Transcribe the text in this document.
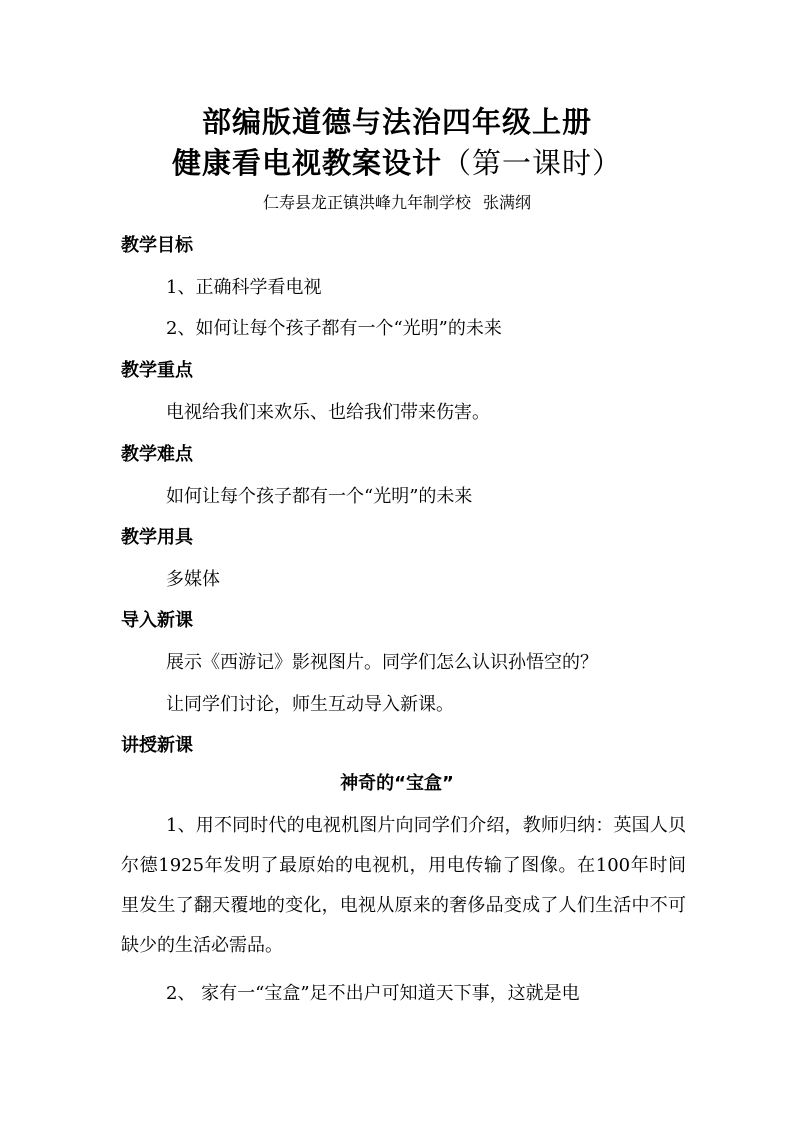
部编版道德与法治四年级上册
健康看电视教案设计（第一课时）
仁寿县龙正镇洪峰九年制学校 张满纲
教学目标
1、正确科学看电视
2、如何让每个孩子都有一个“光明”的未来
教学重点
电视给我们来欢乐、也给我们带来伤害。
教学难点
如何让每个孩子都有一个“光明”的未来
教学用具
多媒体
导入新课
展示《西游记》影视图片。同学们怎么认识孙悟空的？
让同学们讨论，师生互动导入新课。
讲授新课
神奇的“宝盒”
1、用不同时代的电视机图片向同学们介绍，教师归纳：英国人贝尔德1925年发明了最原始的电视机，用电传输了图像。在100年时间里发生了翻天覆地的变化，电视从原来的奢侈品变成了人们生活中不可缺少的生活必需品。
2、 家有一“宝盒”足不出户可知道天下事，这就是电
